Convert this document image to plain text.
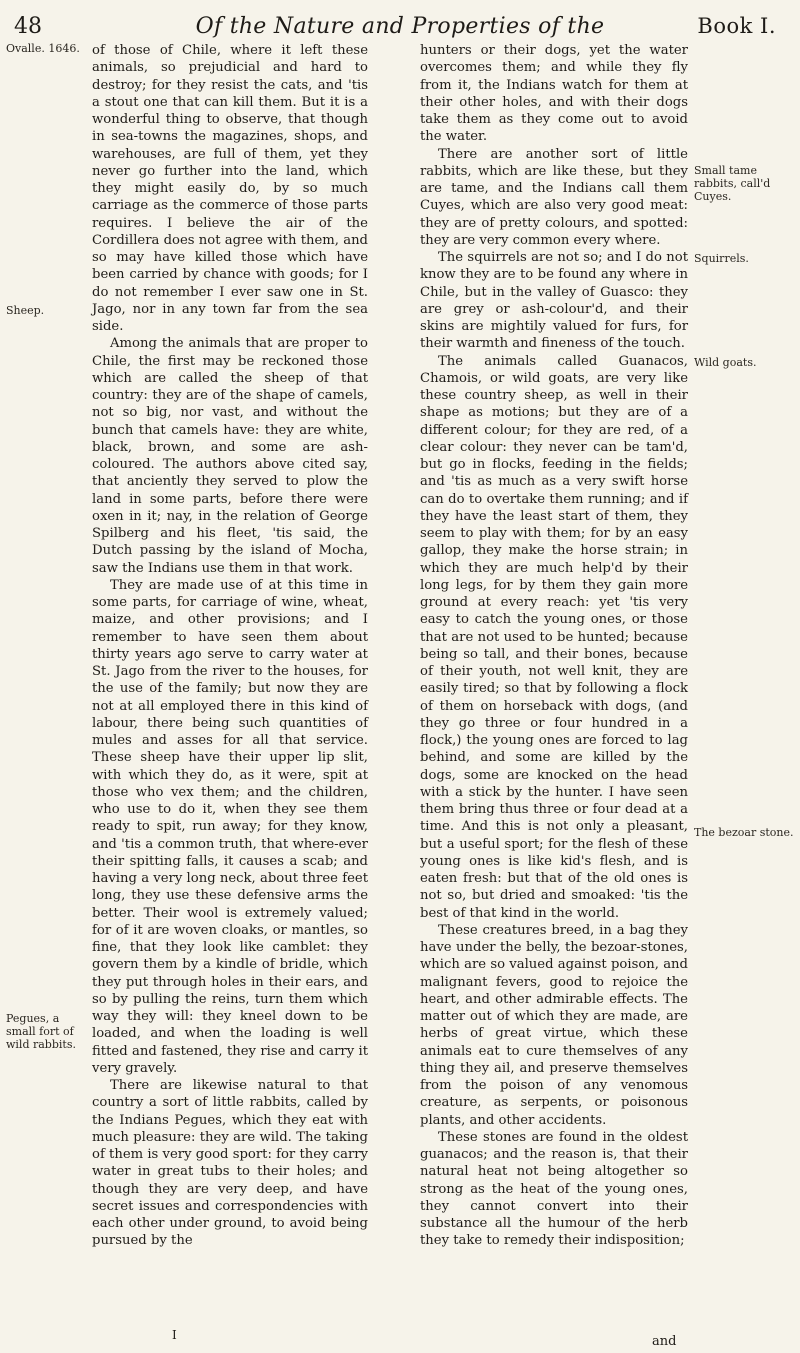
48	Of the Nature and Properties of the	Book I.
Ovalle. 1646.
Sheep.
Pegues, a small fort of wild rabbits.
Small tame rabbits, call'd Cuyes.
Squirrels.
Wild goats.
The bezoar stone.

of those of Chile, where it left these animals, so prejudicial and hard to destroy; for they resist the cats, and 'tis a stout one that can kill them. But it is a wonderful thing to observe, that though in sea-towns the magazines, shops, and warehouses, are full of them, yet they never go further into the land, which they might easily do, by so much carriage as the commerce of those parts requires. I believe the air of the Cordillera does not agree with them, and so may have killed those which have been carried by chance with goods; for I do not remember I ever saw one in St. Jago, nor in any town far from the sea side.

Among the animals that are proper to Chile, the first may be reckoned those which are called the sheep of that country: they are of the shape of camels, not so big, nor vast, and without the bunch that camels have: they are white, black, brown, and some are ash-coloured. The authors above cited say, that anciently they served to plow the land in some parts, before there were oxen in it; nay, in the relation of George Spilberg and his fleet, 'tis said, the Dutch passing by the island of Mocha, saw the Indians use them in that work.

They are made use of at this time in some parts, for carriage of wine, wheat, maize, and other provisions; and I remember to have seen them about thirty years ago serve to carry water at St. Jago from the river to the houses, for the use of the family; but now they are not at all employed there in this kind of labour, there being such quantities of mules and asses for all that service. These sheep have their upper lip slit, with which they do, as it were, spit at those who vex them; and the children, who use to do it, when they see them ready to spit, run away; for they know, and 'tis a common truth, that where-ever their spitting falls, it causes a scab; and having a very long neck, about three feet long, they use these defensive arms the better. Their wool is extremely valued; for of it are woven cloaks, or mantles, so fine, that they look like camblet: they govern them by a kindle of bridle, which they put through holes in their ears, and so by pulling the reins, turn them which way they will: they kneel down to be loaded, and when the loading is well fitted and fastened, they rise and carry it very gravely.

There are likewise natural to that country a sort of little rabbits, called by the Indians Pegues, which they eat with much pleasure: they are wild. The taking of them is very good sport: for they carry water in great tubs to their holes; and though they are very deep, and have secret issues and correspondencies with each other under ground, to avoid being pursued by the

hunters or their dogs, yet the water overcomes them; and while they fly from it, the Indians watch for them at their other holes, and with their dogs take them as they come out to avoid the water.

There are another sort of little rabbits, which are like these, but they are tame, and the Indians call them Cuyes, which are also very good meat: they are of pretty colours, and spotted: they are very common every where.

The squirrels are not so; and I do not know they are to be found any where in Chile, but in the valley of Guasco: they are grey or ash-colour'd, and their skins are mightily valued for furs, for their warmth and fineness of the touch.

The animals called Guanacos, Chamois, or wild goats, are very like these country sheep, as well in their shape as motions; but they are of a different colour; for they are red, of a clear colour: they never can be tam'd, but go in flocks, feeding in the fields; and 'tis as much as a very swift horse can do to overtake them running; and if they have the least start of them, they seem to play with them; for by an easy gallop, they make the horse strain; in which they are much help'd by their long legs, for by them they gain more ground at every reach: yet 'tis very easy to catch the young ones, or those that are not used to be hunted; because being so tall, and their bones, because of their youth, not well knit, they are easily tired; so that by following a flock of them on horseback with dogs, (and they go three or four hundred in a flock,) the young ones are forced to lag behind, and some are killed by the dogs, some are knocked on the head with a stick by the hunter. I have seen them bring thus three or four dead at a time. And this is not only a pleasant, but a useful sport; for the flesh of these young ones is like kid's flesh, and is eaten fresh: but that of the old ones is not so, but dried and smoaked: 'tis the best of that kind in the world.

These creatures breed, in a bag they have under the belly, the bezoar-stones, which are so valued against poison, and malignant fevers, good to rejoice the heart, and other admirable effects. The matter out of which they are made, are herbs of great virtue, which these animals eat to cure themselves of any thing they ail, and preserve themselves from the poison of any venomous creature, as serpents, or poisonous plants, and other accidents.

These stones are found in the oldest guanacos; and the reason is, that their natural heat not being altogether so strong as the heat of the young ones, they cannot convert into their substance all the humour of the herb they take to remedy their indisposition;

I	and
